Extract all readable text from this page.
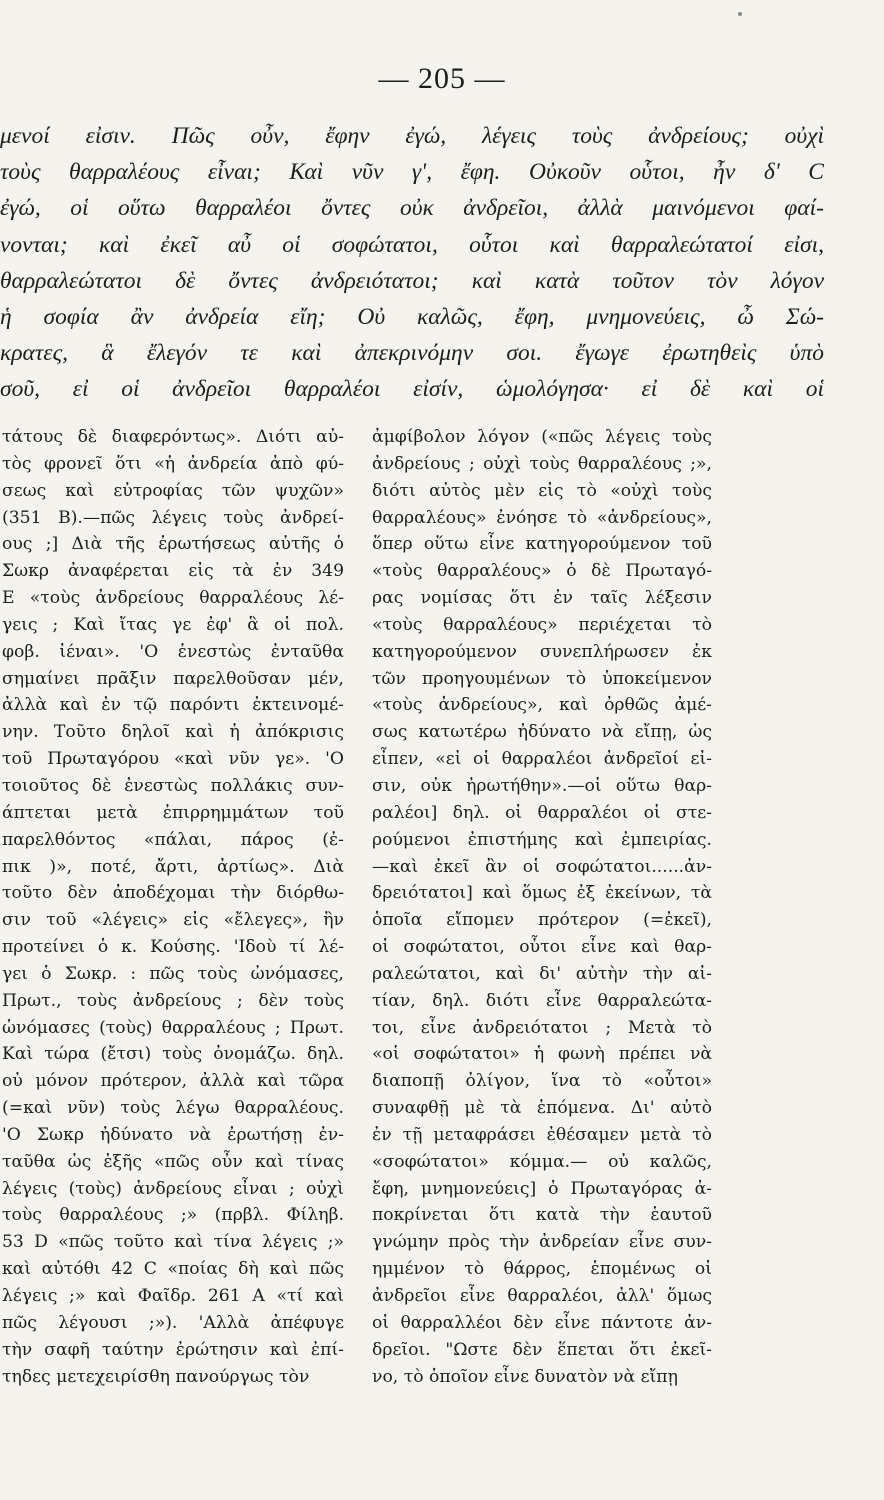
— 205 —
μενοί εἰσιν. Πῶς οὖν, ἔφην ἐγώ, λέγεις τοὺς ἀνδρείους; οὐχὶ
τοὺς θαρραλέους εἶναι; Καὶ νῦν γ', ἔφη. Οὐκοῦν οὗτοι, ἦν δ' C
ἐγώ, οἱ οὕτω θαρραλέοι ὄντες οὐκ ἀνδρεῖοι, ἀλλὰ μαινόμενοι φαί-
νονται; καὶ ἐκεῖ αὖ οἱ σοφώτατοι, οὗτοι καὶ θαρραλεώτατοί εἰσι,
θαρραλεώτατοι δὲ ὄντες ἀνδρειότατοι; καὶ κατὰ τοῦτον τὸν λόγον
ἡ σοφία ἂν ἀνδρεία εἴη; Οὐ καλῶς, ἔφη, μνημονεύεις, ὦ Σώ-
κρατες, ἃ ἔλεγόν τε καὶ ἀπεκρινόμην σοι. ἔγωγε ἐρωτηθεὶς ὑπὸ
σοῦ, εἰ οἱ ἀνδρεῖοι θαρραλέοι εἰσίν, ὡμολόγησα· εἰ δὲ καὶ οἱ
τάτους δὲ διαφερόντως». Διότι αὐ-
τὸς φρονεῖ ὅτι «ἡ ἀνδρεία ἀπὸ φύ-
σεως καὶ εὐτροφίας τῶν ψυχῶν»
(351 B).—πῶς λέγεις τοὺς ἀνδρεί-
ους ;] Διὰ τῆς ἐρωτήσεως αὐτῆς ὁ
Σωκρ ἀναφέρεται εἰς τὰ ἐν 349
E «τοὺς ἀνδρείους θαρραλέους λέ-
γεις ; Καὶ ἴτας γε ἐφ' ἃ οἱ πολ.
φοβ. ἰέναι». 'Ο ἐνεστὼς ἐνταῦθα
σημαίνει πρᾶξιν παρελθοῦσαν μέν,
ἀλλὰ καὶ ἐν τῷ παρόντι ἐκτεινομέ-
νην. Τοῦτο δηλοῖ καὶ ἡ ἀπόκρισις
τοῦ Πρωταγόρου «καὶ νῦν γε». 'Ο
τοιοῦτος δὲ ἐνεστὼς πολλάκις συν-
άπτεται μετὰ ἐπιρρημμάτων τοῦ
παρελθόντος «πάλαι, πάρος (ἐ-
πικ )», ποτέ, ἄρτι, ἀρτίως». Διὰ
τοῦτο δὲν ἀποδέχομαι τὴν διόρθω-
σιν τοῦ «λέγεις» εἰς «ἔλεγες», ἣν
προτείνει ὁ κ. Κούσης. 'Ιδοὺ τί λέ-
γει ὁ Σωκρ. : πῶς τοὺς ὠνόμασες,
Πρωτ., τοὺς ἀνδρείους ; δὲν τοὺς
ὠνόμασες (τοὺς) θαρραλέους ; Πρωτ.
Καὶ τώρα (ἔτσι) τοὺς ὀνομάζω. δηλ.
οὐ μόνον πρότερον, ἀλλὰ καὶ τῶρα
(=καὶ νῦν) τοὺς λέγω θαρραλέους.
'Ο Σωκρ ἠδύνατο νὰ ἐρωτήσῃ ἐν-
ταῦθα ὡς ἑξῆς «πῶς οὖν καὶ τίνας
λέγεις (τοὺς) ἀνδρείους εἶναι ; οὐχὶ
τοὺς θαρραλέους ;» (πρβλ. Φίληβ.
53 D «πῶς τοῦτο καὶ τίνα λέγεις ;»
καὶ αὐτόθι 42 C «ποίας δὴ καὶ πῶς
λέγεις ;» καὶ Φαῖδρ. 261 A «τί καὶ
πῶς λέγουσι ;»). 'Αλλὰ ἀπέφυγε
τὴν σαφῆ ταύτην ἐρώτησιν καὶ ἐπί-
τηδες μετεχειρίσθη πανούργως τὸν
ἀμφίβολον λόγον («πῶς λέγεις τοὺς
ἀνδρείους ; οὐχὶ τοὺς θαρραλέους ;»,
διότι αὐτὸς μὲν εἰς τὸ «οὐχὶ τοὺς
θαρραλέους» ἐνόησε τὸ «ἀνδρείους»,
ὅπερ οὕτω εἶνε κατηγορούμενον τοῦ
«τοὺς θαρραλέους» ὁ δὲ Πρωταγό-
ρας νομίσας ὅτι ἐν ταῖς λέξεσιν
«τοὺς θαρραλέους» περιέχεται τὸ
κατηγορούμενον συνεπλήρωσεν ἐκ
τῶν προηγουμένων τὸ ὑποκείμενον
«τοὺς ἀνδρείους», καὶ ὀρθῶς ἀμέ-
σως κατωτέρω ἠδύνατο νὰ εἴπῃ, ὡς
εἶπεν, «εἰ οἱ θαρραλέοι ἀνδρεῖοί εἰ-
σιν, οὐκ ἠρωτήθην».—οἱ οὕτω θαρ-
ραλέοι] δηλ. οἱ θαρραλέοι οἱ στε-
ρούμενοι ἐπιστήμης καὶ ἐμπειρίας.
—καὶ ἐκεῖ ἂν οἱ σοφώτατοι......ἀν-
δρειότατοι] καὶ ὅμως ἐξ ἐκείνων, τὰ
ὁποῖα εἴπομεν πρότερον (=ἐκεῖ),
οἱ σοφώτατοι, οὗτοι εἶνε καὶ θαρ-
ραλεώτατοι, καὶ δι' αὐτὴν τὴν αἰ-
τίαν, δηλ. διότι εἶνε θαρραλεώτα-
τοι, εἶνε ἀνδρειότατοι ; Μετὰ τὸ
«οἱ σοφώτατοι» ἡ φωνὴ πρέπει νὰ
διαποπῇ ὀλίγον, ἵνα τὸ «οὗτοι»
συναφθῇ μὲ τὰ ἑπόμενα. Δι' αὐτὸ
ἐν τῇ μεταφράσει ἐθέσαμεν μετὰ τὸ
«σοφώτατοι» κόμμα.— οὐ καλῶς,
ἔφη, μνημονεύεις] ὁ Πρωταγόρας ἀ-
ποκρίνεται ὅτι κατὰ τὴν ἑαυτοῦ
γνώμην πρὸς τὴν ἀνδρείαν εἶνε συν-
ημμένον τὸ θάρρος, ἑπομένως οἱ
ἀνδρεῖοι εἶνε θαρραλέοι, ἀλλ' ὅμως
οἱ θαρραλλέοι δὲν εἶνε πάντοτε ἀν-
δρεῖοι. "Ωστε δὲν ἕπεται ὅτι ἐκεῖ-
νο, τὸ ὁποῖον εἶνε δυνατὸν νὰ εἴπῃ
